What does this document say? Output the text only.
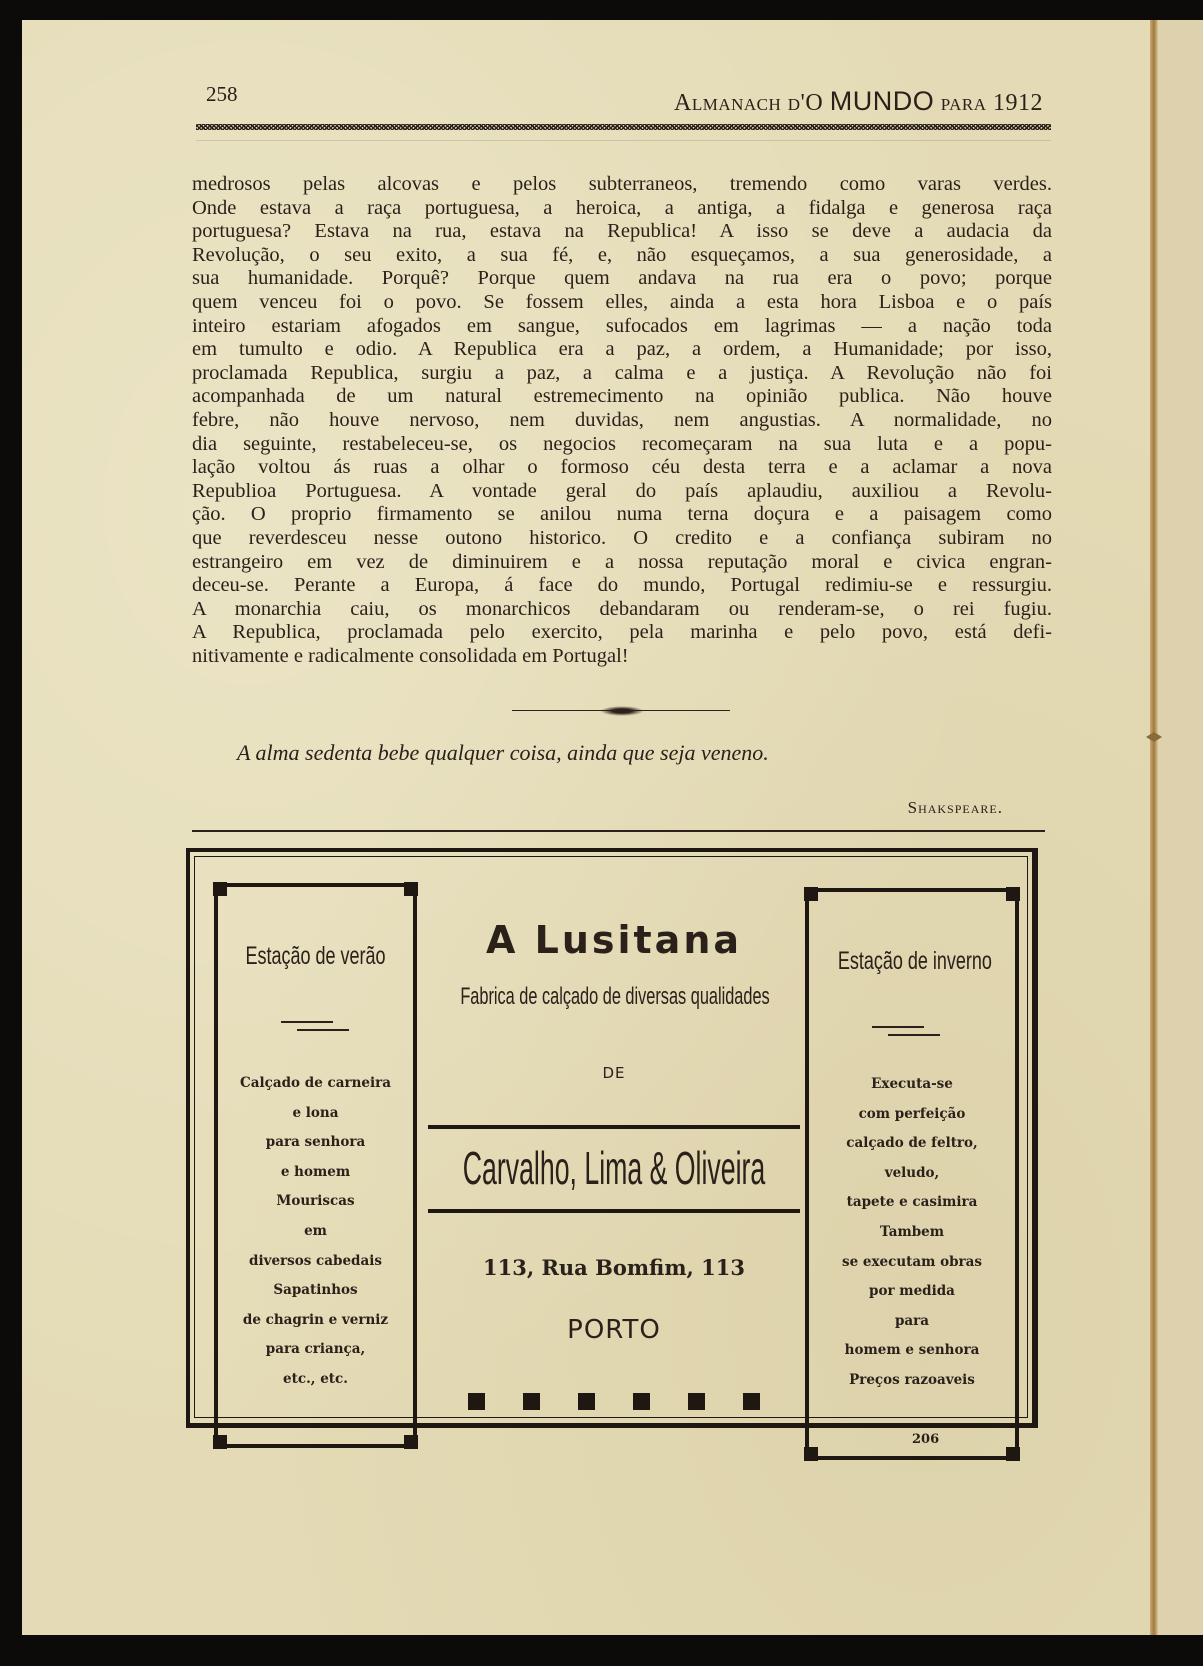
258	Almanach d'O MUNDO para 1912
medrosos pelas alcovas e pelos subterraneos, tremendo como varas verdes.
Onde estava a raça portuguesa, a heroica, a antiga, a fidalga e generosa raça
portuguesa? Estava na rua, estava na Republica! A isso se deve a audacia da
Revolução, o seu exito, a sua fé, e, não esqueçamos, a sua generosidade, a
sua humanidade. Porquê? Porque quem andava na rua era o povo; porque
quem venceu foi o povo. Se fossem elles, ainda a esta hora Lisboa e o país
inteiro estariam afogados em sangue, sufocados em lagrimas — a nação toda
em tumulto e odio. A Republica era a paz, a ordem, a Humanidade; por isso,
proclamada Republica, surgiu a paz, a calma e a justiça. A Revolução não foi
acompanhada de um natural estremecimento na opinião publica. Não houve
febre, não houve nervoso, nem duvidas, nem angustias. A normalidade, no
dia seguinte, restabeleceu-se, os negocios recomeçaram na sua luta e a popu-
lação voltou ás ruas a olhar o formoso céu desta terra e a aclamar a nova
Republioa Portuguesa. A vontade geral do país aplaudiu, auxiliou a Revolu-
ção. O proprio firmamento se anilou numa terna doçura e a paisagem como
que reverdesceu nesse outono historico. O credito e a confiança subiram no
estrangeiro em vez de diminuirem e a nossa reputação moral e civica engran-
deceu-se. Perante a Europa, á face do mundo, Portugal redimiu-se e ressurgiu.
A monarchia caiu, os monarchicos debandaram ou renderam-se, o rei fugiu.
A Republica, proclamada pelo exercito, pela marinha e pelo povo, está defi-
nitivamente e radicalmente consolidada em Portugal!
A alma sedenta bebe qualquer coisa, ainda que seja veneno.
Shakspeare.
Estação de verão
Calçado de carneira
e lona
para senhora
e homem
Mouriscas
em
diversos cabedais
Sapatinhos
de chagrin e verniz
para criança,
etc., etc.
A Lusitana
Fabrica de calçado de diversas qualidades
DE
Carvalho, Lima & Oliveira
113, Rua Bomfim, 113
PORTO
Estação de inverno
Executa-se
com perfeição
calçado de feltro,
veludo,
tapete e casimira
Tambem
se executam obras
por medida
para
homem e senhora
Preços razoaveis
206
